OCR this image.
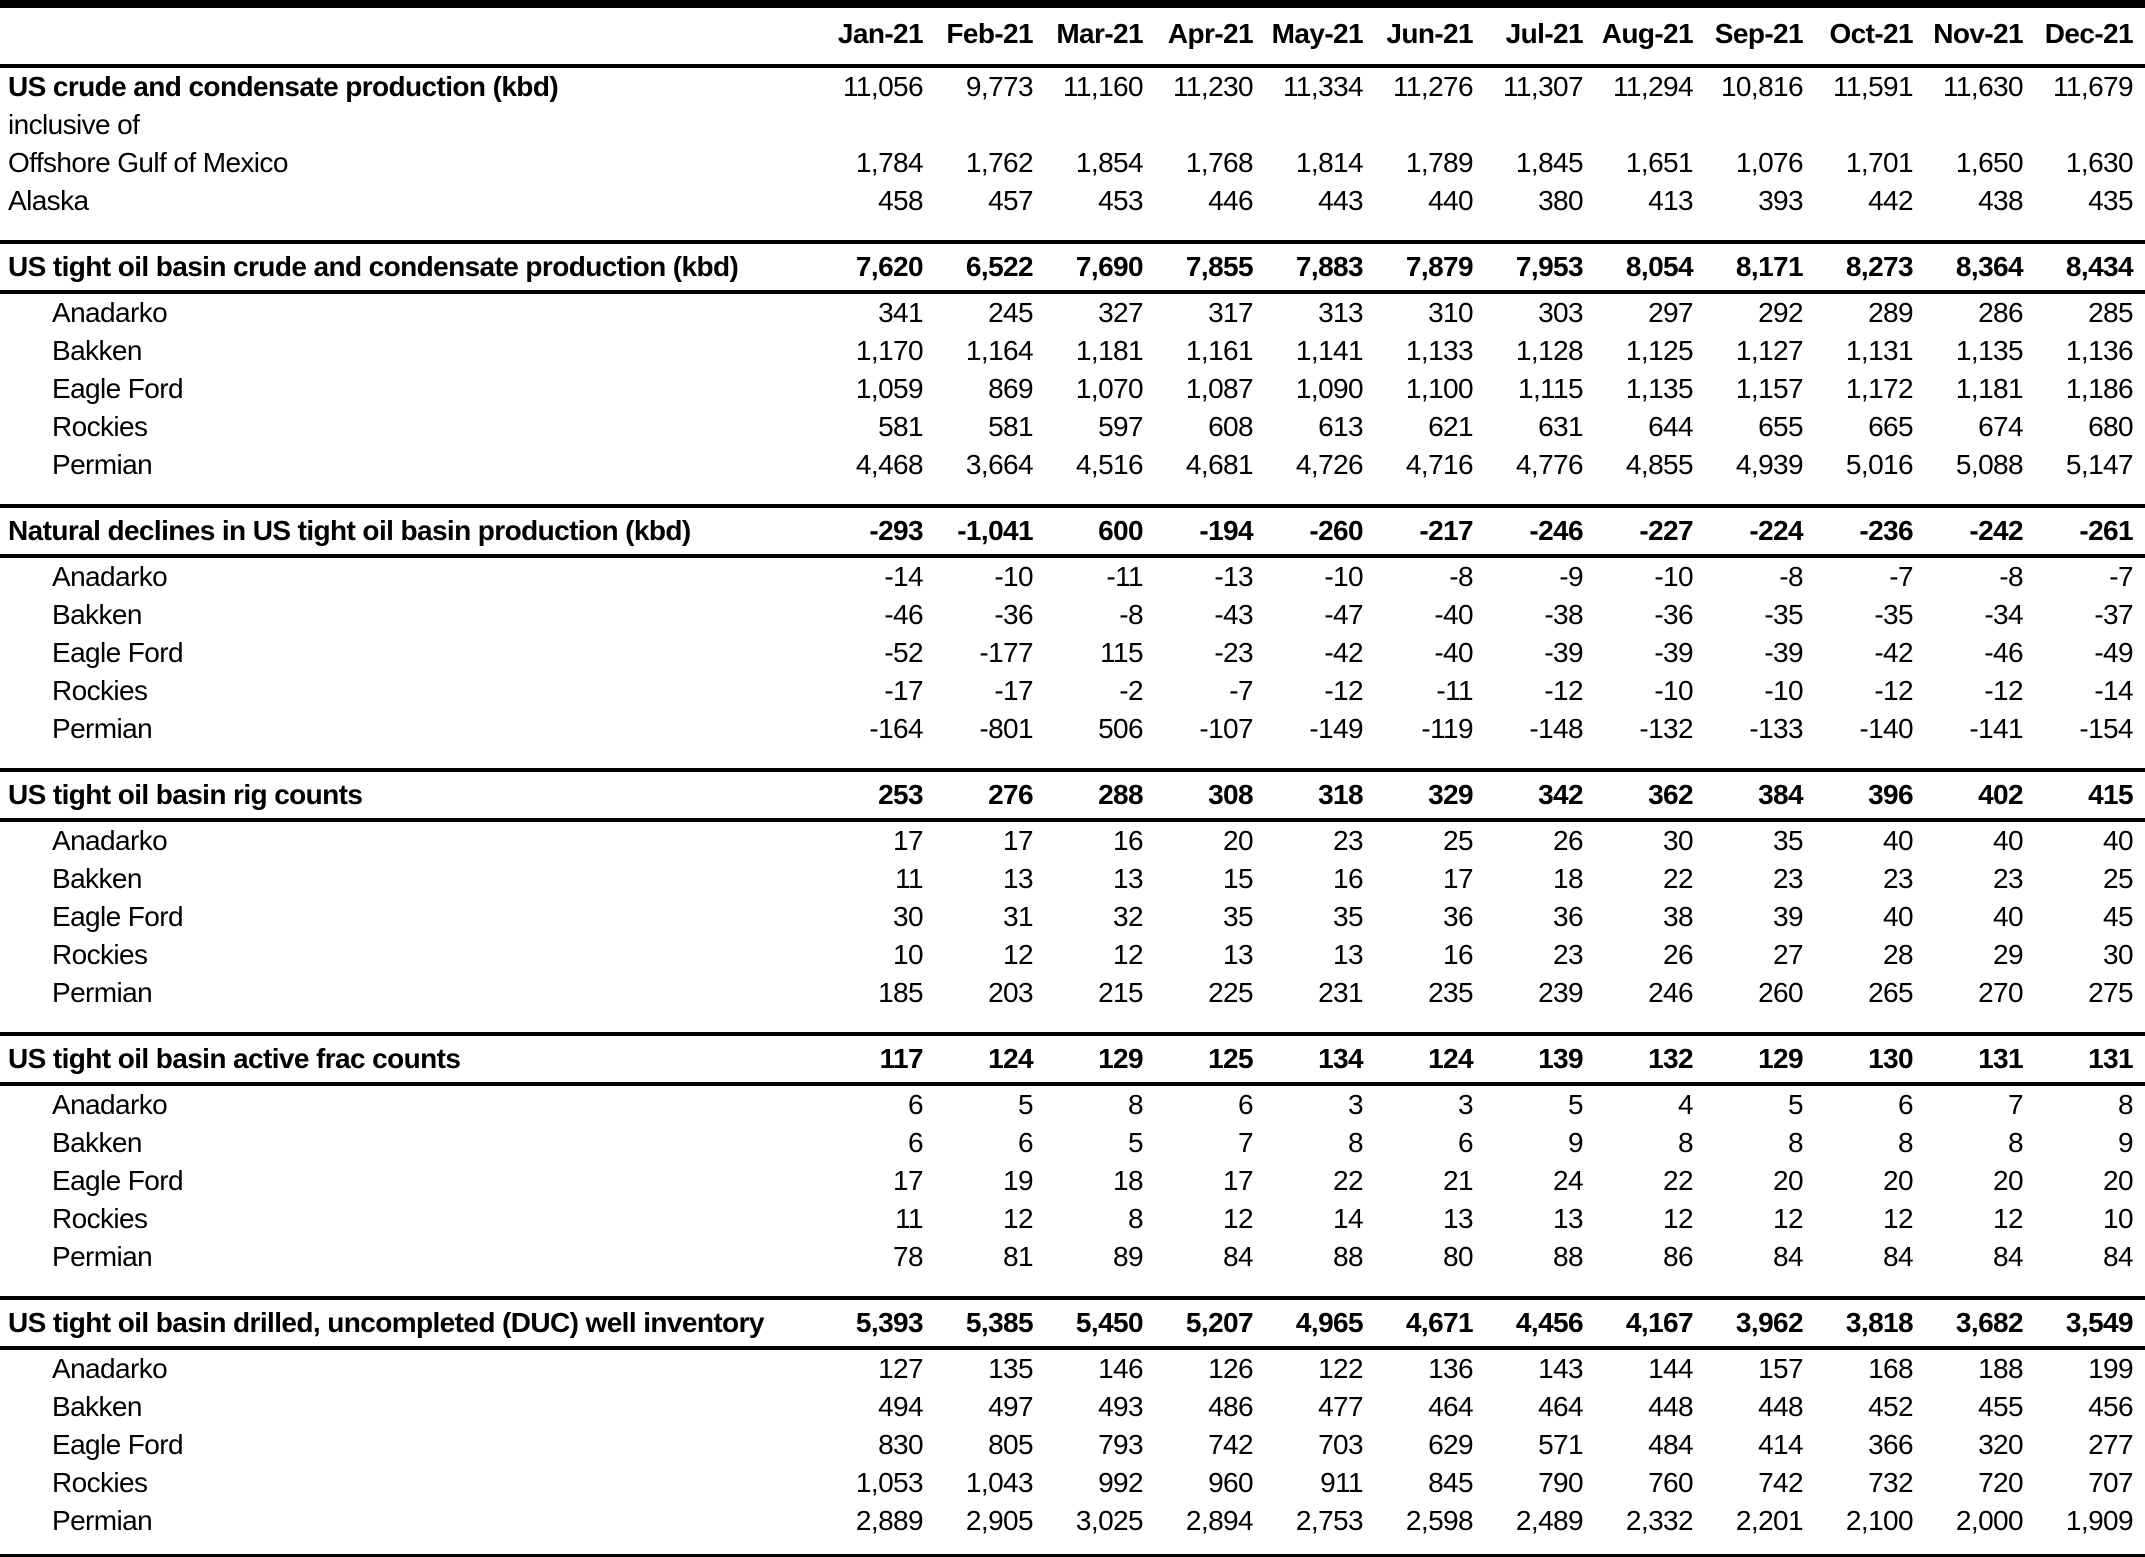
	Jan-21	Feb-21	Mar-21	Apr-21	May-21	Jun-21	Jul-21	Aug-21	Sep-21	Oct-21	Nov-21	Dec-21
US crude and condensate production (kbd)	11,056	9,773	11,160	11,230	11,334	11,276	11,307	11,294	10,816	11,591	11,630	11,679
inclusive of												
Offshore Gulf of Mexico	1,784	1,762	1,854	1,768	1,814	1,789	1,845	1,651	1,076	1,701	1,650	1,630
Alaska	458	457	453	446	443	440	380	413	393	442	438	435

US tight oil basin crude and condensate production (kbd)	7,620	6,522	7,690	7,855	7,883	7,879	7,953	8,054	8,171	8,273	8,364	8,434
Anadarko	341	245	327	317	313	310	303	297	292	289	286	285
Bakken	1,170	1,164	1,181	1,161	1,141	1,133	1,128	1,125	1,127	1,131	1,135	1,136
Eagle Ford	1,059	869	1,070	1,087	1,090	1,100	1,115	1,135	1,157	1,172	1,181	1,186
Rockies	581	581	597	608	613	621	631	644	655	665	674	680
Permian	4,468	3,664	4,516	4,681	4,726	4,716	4,776	4,855	4,939	5,016	5,088	5,147

Natural declines in US tight oil basin production (kbd)	-293	-1,041	600	-194	-260	-217	-246	-227	-224	-236	-242	-261
Anadarko	-14	-10	-11	-13	-10	-8	-9	-10	-8	-7	-8	-7
Bakken	-46	-36	-8	-43	-47	-40	-38	-36	-35	-35	-34	-37
Eagle Ford	-52	-177	115	-23	-42	-40	-39	-39	-39	-42	-46	-49
Rockies	-17	-17	-2	-7	-12	-11	-12	-10	-10	-12	-12	-14
Permian	-164	-801	506	-107	-149	-119	-148	-132	-133	-140	-141	-154

US tight oil basin rig counts	253	276	288	308	318	329	342	362	384	396	402	415
Anadarko	17	17	16	20	23	25	26	30	35	40	40	40
Bakken	11	13	13	15	16	17	18	22	23	23	23	25
Eagle Ford	30	31	32	35	35	36	36	38	39	40	40	45
Rockies	10	12	12	13	13	16	23	26	27	28	29	30
Permian	185	203	215	225	231	235	239	246	260	265	270	275

US tight oil basin active frac counts	117	124	129	125	134	124	139	132	129	130	131	131
Anadarko	6	5	8	6	3	3	5	4	5	6	7	8
Bakken	6	6	5	7	8	6	9	8	8	8	8	9
Eagle Ford	17	19	18	17	22	21	24	22	20	20	20	20
Rockies	11	12	8	12	14	13	13	12	12	12	12	10
Permian	78	81	89	84	88	80	88	86	84	84	84	84

US tight oil basin drilled, uncompleted (DUC) well inventory	5,393	5,385	5,450	5,207	4,965	4,671	4,456	4,167	3,962	3,818	3,682	3,549
Anadarko	127	135	146	126	122	136	143	144	157	168	188	199
Bakken	494	497	493	486	477	464	464	448	448	452	455	456
Eagle Ford	830	805	793	742	703	629	571	484	414	366	320	277
Rockies	1,053	1,043	992	960	911	845	790	760	742	732	720	707
Permian	2,889	2,905	3,025	2,894	2,753	2,598	2,489	2,332	2,201	2,100	2,000	1,909
